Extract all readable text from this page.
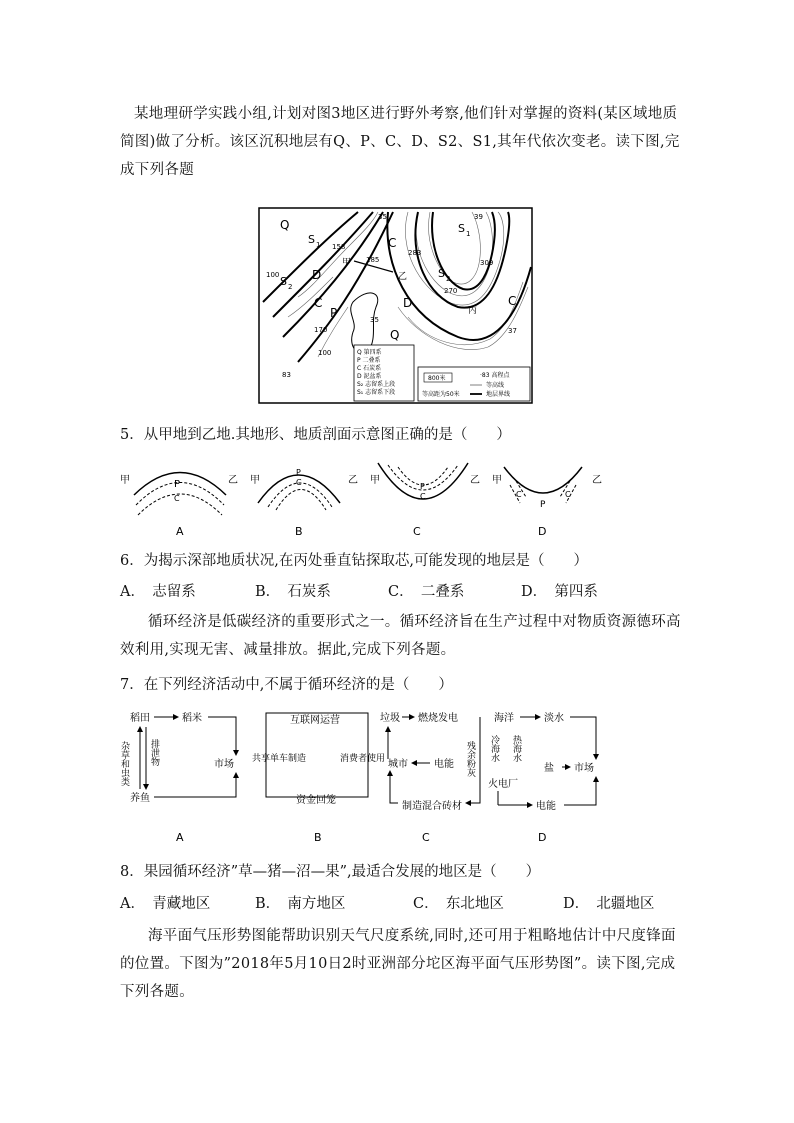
某地理研学实践小组,计划对图3地区进行野外考察,他们针对掌握的资料(某区域地质简图)做了分析。该区沉积地层有Q、P、C、D、S2、S1,其年代依次变老。读下图,完成下列各题
Q
S 1
S 2
D
C
P
甲
乙
C
D
S 1
S 2
C
丙
Q
35
158
185
39
283
309
270
35
170
83
100
37
100	Q 第四系
P 二叠系
C 石炭系
D 泥盆系
S₂ 志留系上段
S₁ 志留系下段
800米
等高距为50米
·83 高程点
等高线
地层界线
5．从甲地到乙地.其地形、地质剖面示意图正确的是（　　）
甲	P
C
乙
A
甲
P
C	乙
B
甲
P
C
乙
C
甲
C
P
C
乙
D
6．为揭示深部地质状况,在丙处垂直钻探取芯,可能发现的地层是（　　）
A．　志留系	B．　石炭系	C．　二叠系	D．　第四系
循环经济是低碳经济的重要形式之一。循环经济旨在生产过程中对物质资源德环高效利用,实现无害、减量排放。据此,完成下列各题。
7．在下列经济活动中,不属于循环经济的是（　　）
稻田	稻米
市场
养鱼
杂草和虫类 排泄物
A
互联网运营
共享单车制造	消费者使用
资金回笼
B
垃圾 燃烧发电
城市	电能 残余粉灰
制造混合砖材
C
海洋	淡水
冷海水 热海水
盐 市场
火电厂
电能
D
8．果园循环经济”草—猪—沼—果”,最适合发展的地区是（　　）
A．　青藏地区	B．　南方地区	C．　东北地区	D．　北疆地区
海平面气压形势图能帮助识别天气尺度系统,同时,还可用于粗略地估计中尺度锋面的位置。下图为”2018年5月10日2时亚洲部分坨区海平面气压形势图”。读下图,完成下列各题。
